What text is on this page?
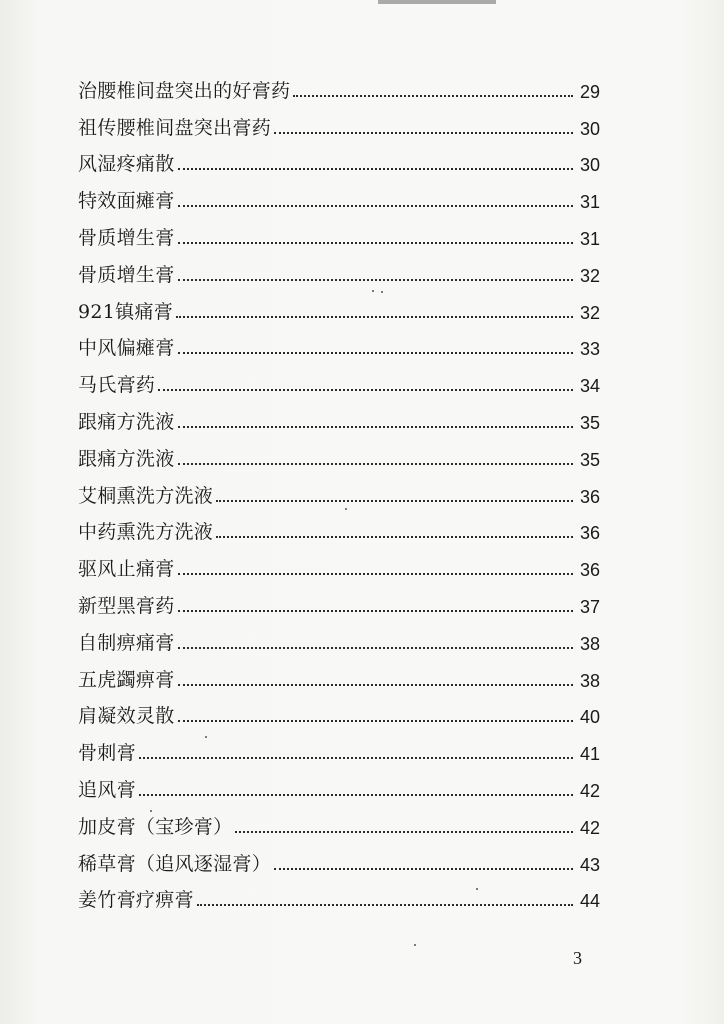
治腰椎间盘突出的好膏药	29
祖传腰椎间盘突出膏药	30
风湿疼痛散	30
特效面瘫膏	31
骨质增生膏	31
骨质增生膏	32
921镇痛膏	32
中风偏瘫膏	33
马氏膏药	34
跟痛方洗液	35
跟痛方洗液	35
艾桐熏洗方洗液	36
中药熏洗方洗液	36
驱风止痛膏	36
新型黑膏药	37
自制痹痛膏	38
五虎蠲痹膏	38
肩凝效灵散	40
骨刺膏	41
追风膏	42
加皮膏（宝珍膏）	42
稀草膏（追风逐湿膏）	43
姜竹膏疗痹膏	44
3
